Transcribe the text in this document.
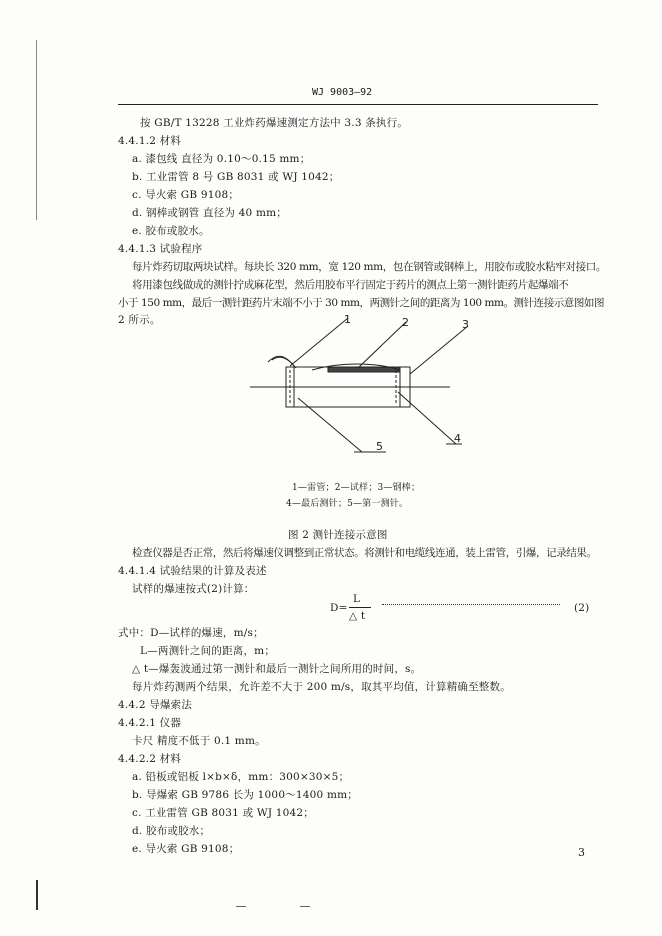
WJ 9003—92
按 GB/T 13228 工业炸药爆速测定方法中 3.3 条执行。
4.4.1.2 材料
a. 漆包线 直径为 0.10～0.15 mm；
b. 工业雷管 8 号 GB 8031 或 WJ 1042；
c. 导火索 GB 9108；
d. 钢棒或钢管 直径为 40 mm；
e. 胶布或胶水。
4.4.1.3 试验程序
每片炸药切取两块试样。每块长 320 mm，宽 120 mm，包在钢管或钢棒上，用胶布或胶水粘牢对接口。
将用漆包线做成的测针拧成麻花型，然后用胶布平行固定于药片的测点上第一测针距药片起爆端不
小于 150 mm，最后一测针距药片末端不小于 30 mm，两测针之间的距离为 100 mm。测针连接示意图如图
2 所示。	1	2	3
4
5
1—雷管；2—试样；3—钢棒；
4—最后测针；5—第一测针。
图 2 测针连接示意图
检查仪器是否正常，然后将爆速仪调整到正常状态。将测针和电缆线连通，装上雷管，引爆，记录结果。
4.4.1.4 试验结果的计算及表述
试样的爆速按式(2)计算：
D=
L
△ t
(2)
式中：D—试样的爆速，m/s；
L—两测针之间的距离，m；
△ t—爆轰波通过第一测针和最后一测针之间所用的时间，s。
每片炸药测两个结果，允许差不大于 200 m/s，取其平均值，计算精确至整数。
4.4.2 导爆索法
4.4.2.1 仪器
卡尺 精度不低于 0.1 mm。
4.4.2.2 材料
a. 铅板或铝板 l×b×δ，mm：300×30×5；
b. 导爆索 GB 9786 长为 1000～1400 mm；
c. 工业雷管 GB 8031 或 WJ 1042；
d. 胶布或胶水；
e. 导火索 GB 9108；	3
